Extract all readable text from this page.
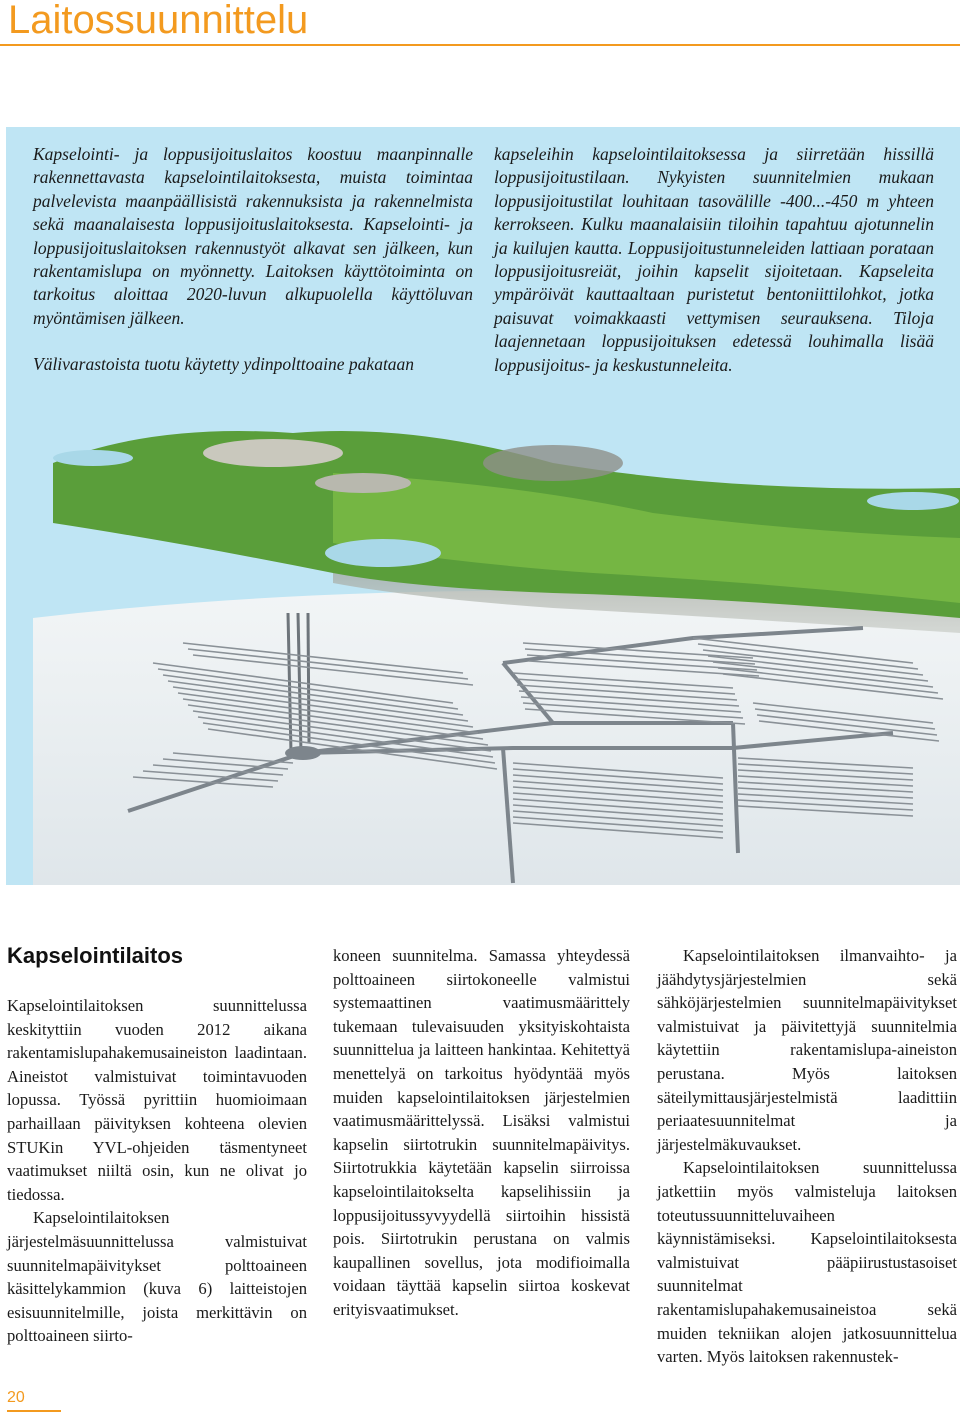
Laitossuunnittelu

Kapselointi- ja loppusijoituslaitos koostuu maanpinnalle rakennettavasta kapselointilaitoksesta, muista toimintaa palvelevista maanpäällisistä rakennuksista ja rakennelmista sekä maanalaisesta loppusijoituslaitoksesta. Kapselointi- ja loppusijoituslaitoksen rakennustyöt alkavat sen jälkeen, kun rakentamislupa on myönnetty. Laitoksen käyttötoiminta on tarkoitus aloittaa 2020-luvun alkupuolella käyttöluvan myöntämisen jälkeen.

Välivarastoista tuotu käytetty ydinpolttoaine pakataan

kapseleihin kapselointilaitoksessa ja siirretään hissillä loppusijoitustilaan. Nykyisten suunnitelmien mukaan loppusijoitustilat louhitaan tasovälille -400...-450 m yhteen kerrokseen. Kulku maanalaisiin tiloihin tapahtuu ajotunnelin ja kuilujen kautta. Loppusijoitustunneleiden lattiaan porataan loppusijoitusreiät, joihin kapselit sijoitetaan. Kapseleita ympäröivät kauttaaltaan puristetut bentoniittilohkot, jotka paisuvat voimakkaasti vettymisen seurauksena. Tiloja laajennetaan loppusijoituksen edetessä louhimalla lisää loppusijoitus- ja keskustunneleita.

Kapselointilaitos

Kapselointilaitoksen suunnittelussa keskityttiin vuoden 2012 aikana rakentamislupahakemusaineiston laadintaan. Aineistot valmistuivat toimintavuoden lopussa. Työssä pyrittiin huomioimaan parhaillaan päivityksen kohteena olevien STUKin YVL-ohjeiden täsmentyneet vaatimukset niiltä osin, kun ne olivat jo tiedossa.

Kapselointilaitoksen järjestelmäsuunnittelussa valmistuivat suunnitelmapäivitykset polttoaineen käsittelykammion (kuva 6) laitteistojen esisuunnitelmille, joista merkittävin on polttoaineen siirto-

koneen suunnitelma. Samassa yhteydessä polttoaineen siirtokoneelle valmistui systemaattinen vaatimusmäärittely tukemaan tulevaisuuden yksityiskohtaista suunnittelua ja laitteen hankintaa. Kehitettyä menettelyä on tarkoitus hyödyntää myös muiden kapselointilaitoksen järjestelmien vaatimusmäärittelyssä. Lisäksi valmistui kapselin siirtotrukin suunnitelmapäivitys. Siirtotrukkia käytetään kapselin siirroissa kapselointilaitokselta kapselihissiin ja loppusijoitussyvyydellä siirtoihin hissistä pois. Siirtotrukin perustana on valmis kaupallinen sovellus, jota modifioimalla voidaan täyttää kapselin siirtoa koskevat erityisvaatimukset.

Kapselointilaitoksen ilmanvaihto- ja jäähdytysjärjestelmien sekä sähköjärjestelmien suunnitelmapäivitykset valmistuivat ja päivitettyjä suunnitelmia käytettiin rakentamislupa-aineiston perustana. Myös laitoksen säteilymittausjärjestelmistä laadittiin periaatesuunnitelmat ja järjestelmäkuvaukset.

Kapselointilaitoksen suunnittelussa jatkettiin myös valmisteluja laitoksen toteutussuunnitteluvaiheen käynnistämiseksi. Kapselointilaitoksesta valmistuivat pääpiirustustasoiset suunnitelmat rakentamislupahakemusaineistoa sekä muiden tekniikan alojen jatkosuunnittelua varten. Myös laitoksen rakennustek-

20
